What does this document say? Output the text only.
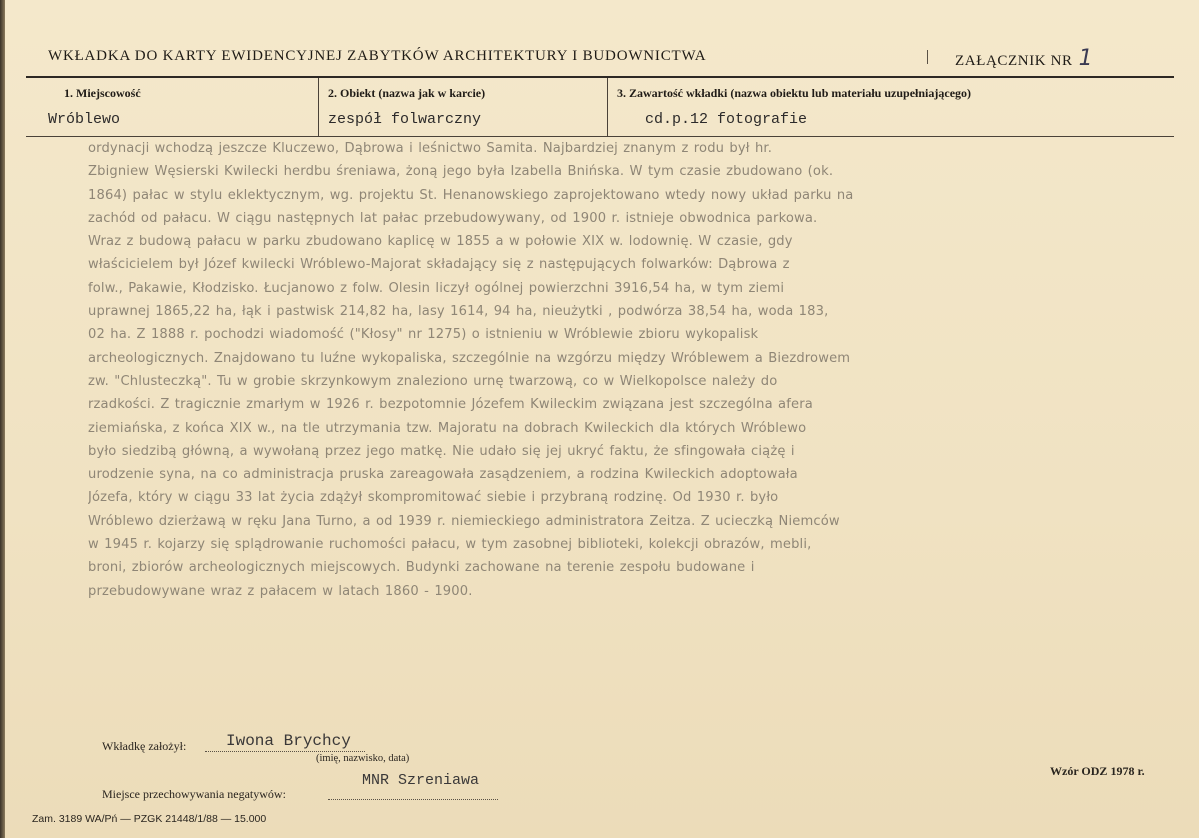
WKŁADKA DO KARTY EWIDENCYJNEJ ZABYTKÓW ARCHITEKTURY I BUDOWNICTWA	ZAŁĄCZNIK NR 1
1. Miejscowość
Wróblewo
2. Obiekt (nazwa jak w karcie)
zespół folwarczny
3. Zawartość wkładki (nazwa obiektu lub materiału uzupełniającego)
cd.p.12 fotografie
ordynacji wchodzą jeszcze Kluczewo, Dąbrowa i leśnictwo Samita. Najbardziej znanym z rodu był hr.
Zbigniew Węsierski Kwilecki herdbu śreniawa, żoną jego była Izabella Bnińska. W tym czasie zbudowano (ok.
1864) pałac w stylu eklektycznym, wg. projektu St. Henanowskiego zaprojektowano wtedy nowy układ parku na
zachód od pałacu. W ciągu następnych lat pałac przebudowywany, od 1900 r. istnieje obwodnica parkowa.
Wraz z budową pałacu w parku zbudowano kaplicę w 1855 a w połowie XIX w. lodownię. W czasie, gdy
właścicielem był Józef kwilecki Wróblewo-Majorat składający się z następujących folwarków: Dąbrowa z
folw., Pakawie, Kłodzisko. Łucjanowo z folw. Olesin liczył ogólnej powierzchni 3916,54 ha, w tym ziemi
uprawnej 1865,22 ha, łąk i pastwisk 214,82 ha, lasy 1614, 94 ha, nieużytki , podwórza 38,54 ha, woda 183,
02 ha. Z 1888 r. pochodzi wiadomość ("Kłosy" nr 1275) o istnieniu w Wróblewie zbioru wykopalisk
archeologicznych. Znajdowano tu luźne wykopaliska, szczególnie na wzgórzu między Wróblewem a Biezdrowem
zw. "Chlusteczką". Tu w grobie skrzynkowym znaleziono urnę twarzową, co w Wielkopolsce należy do
rzadkości. Z tragicznie zmarłym w 1926 r. bezpotomnie Józefem Kwileckim związana jest szczególna afera
ziemiańska, z końca XIX w., na tle utrzymania tzw. Majoratu na dobrach Kwileckich dla których Wróblewo
było siedzibą główną, a wywołaną przez jego matkę. Nie udało się jej ukryć faktu, że sfingowała ciążę i
urodzenie syna, na co administracja pruska zareagowała zasądzeniem, a rodzina Kwileckich adoptowała
Józefa, który w ciągu 33 lat życia zdążył skompromitować siebie i przybraną rodzinę. Od 1930 r. było
Wróblewo dzierżawą w ręku Jana Turno, a od 1939 r. niemieckiego administratora Zeitza. Z ucieczką Niemców
w 1945 r. kojarzy się splądrowanie ruchomości pałacu, w tym zasobnej biblioteki, kolekcji obrazów, mebli,
broni, zbiorów archeologicznych miejscowych. Budynki zachowane na terenie zespołu budowane i
przebudowywane wraz z pałacem w latach 1860 - 1900.
Wkładkę założył: Iwona Brychcy
(imię, nazwisko, data)
Miejsce przechowywania negatywów:
MNR Szreniawa
Wzór ODZ 1978 r.
Zam. 3189 WA/Pń — PZGK 21448/1/88 — 15.000
